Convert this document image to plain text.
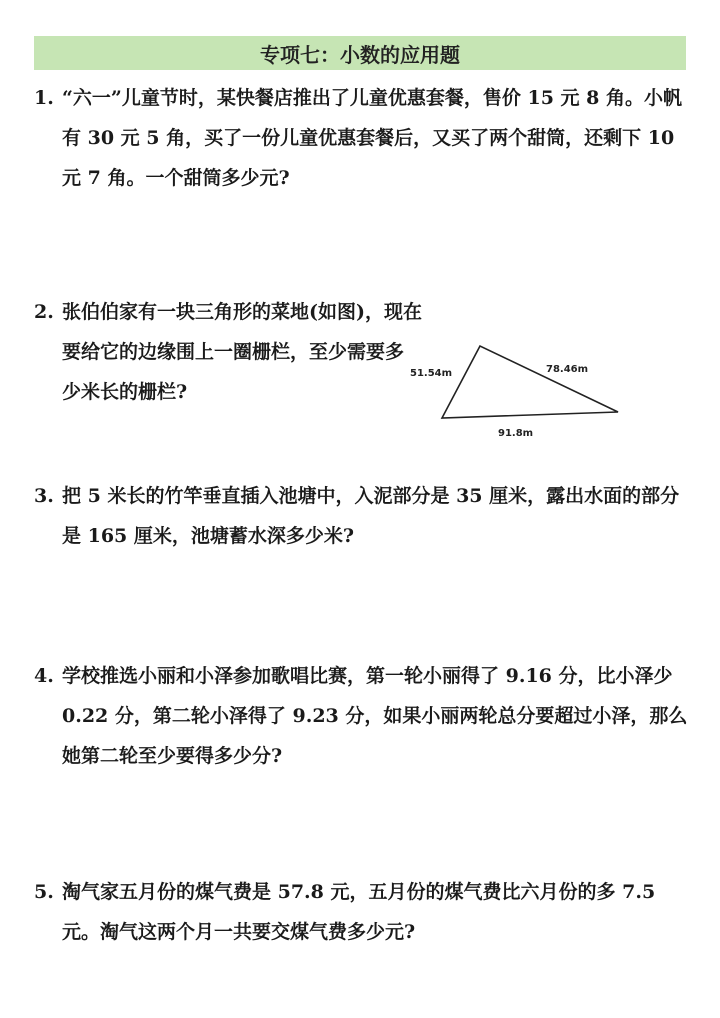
专项七：小数的应用题
1. “六一”儿童节时，某快餐店推出了儿童优惠套餐，售价 15 元 8 角。小帆有 30 元 5 角，买了一份儿童优惠套餐后，又买了两个甜筒，还剩下 10 元 7 角。一个甜筒多少元?
2. 张伯伯家有一块三角形的菜地(如图)，现在要给它的边缘围上一圈栅栏，至少需要多少米长的栅栏?
51.54m	78.46m
91.8m
3. 把 5 米长的竹竿垂直插入池塘中，入泥部分是 35 厘米，露出水面的部分是 165 厘米，池塘蓄水深多少米?
4. 学校推选小丽和小泽参加歌唱比赛，第一轮小丽得了 9.16 分，比小泽少 0.22 分，第二轮小泽得了 9.23 分，如果小丽两轮总分要超过小泽，那么她第二轮至少要得多少分?
5. 淘气家五月份的煤气费是 57.8 元，五月份的煤气费比六月份的多 7.5 元。淘气这两个月一共要交煤气费多少元?
